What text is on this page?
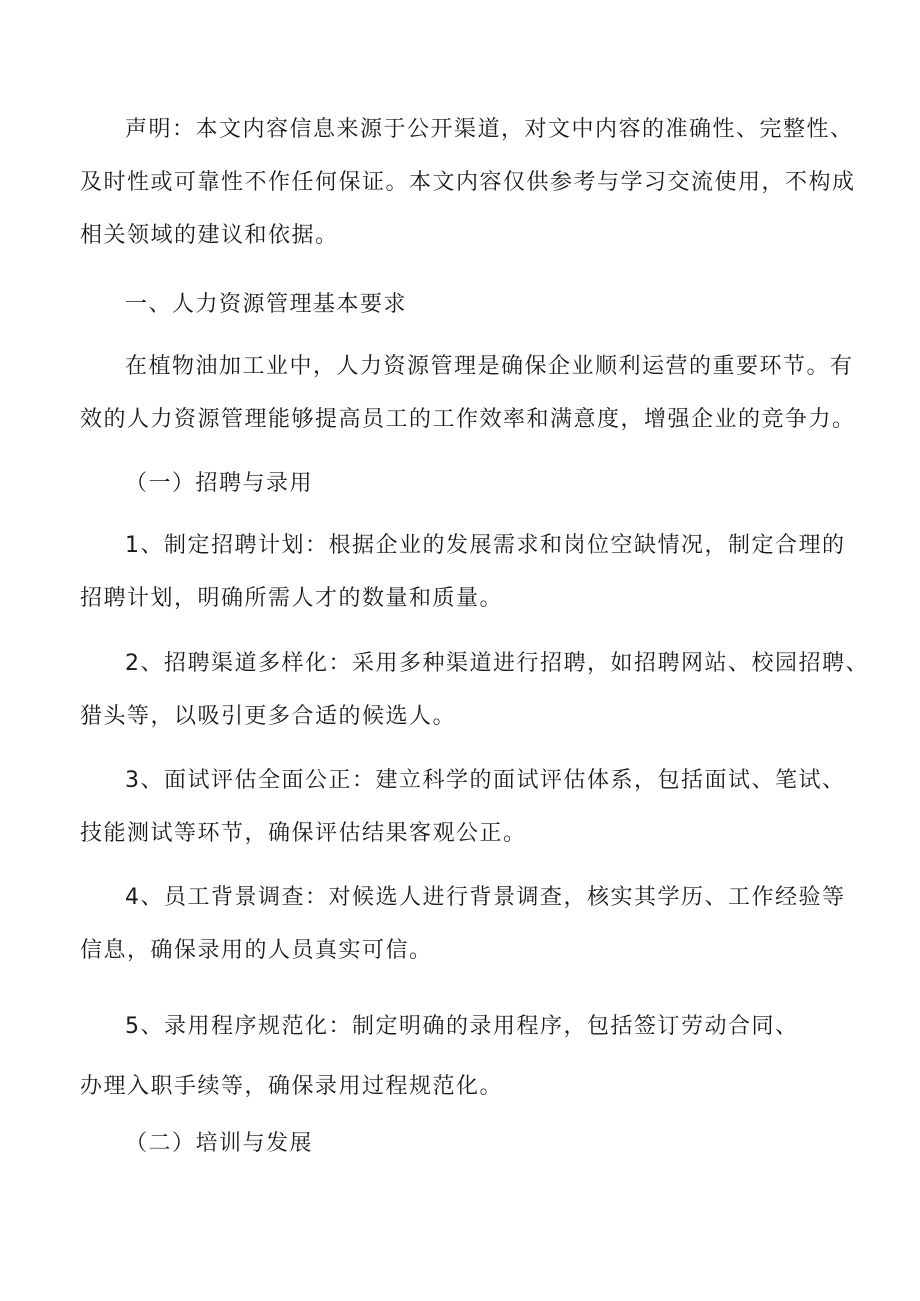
声明：本文内容信息来源于公开渠道，对文中内容的准确性、完整性、
及时性或可靠性不作任何保证。本文内容仅供参考与学习交流使用，不构成
相关领域的建议和依据。
一、人力资源管理基本要求
在植物油加工业中，人力资源管理是确保企业顺利运营的重要环节。有
效的人力资源管理能够提高员工的工作效率和满意度，增强企业的竞争力。
（一）招聘与录用
1、制定招聘计划：根据企业的发展需求和岗位空缺情况，制定合理的
招聘计划，明确所需人才的数量和质量。
2、招聘渠道多样化：采用多种渠道进行招聘，如招聘网站、校园招聘、
猎头等，以吸引更多合适的候选人。
3、面试评估全面公正：建立科学的面试评估体系，包括面试、笔试、
技能测试等环节，确保评估结果客观公正。
4、员工背景调查：对候选人进行背景调查，核实其学历、工作经验等
信息，确保录用的人员真实可信。
5、录用程序规范化：制定明确的录用程序，包括签订劳动合同、
办理入职手续等，确保录用过程规范化。
（二）培训与发展
